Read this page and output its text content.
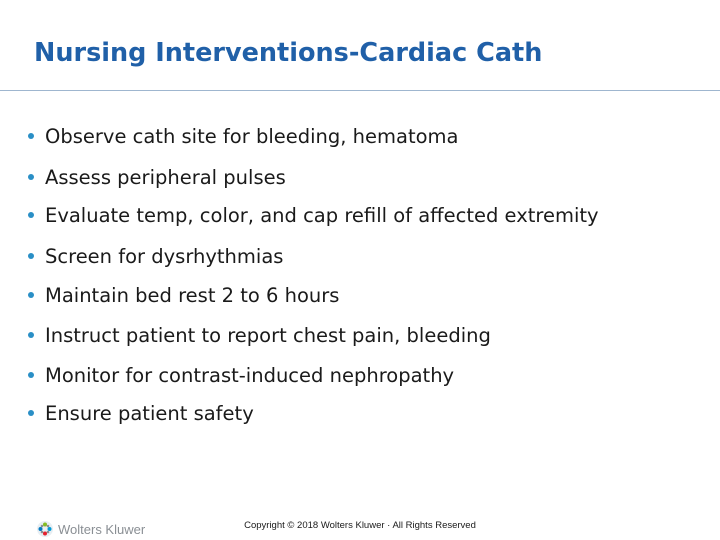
Nursing Interventions-Cardiac Cath
Observe cath site for bleeding, hematoma
Assess peripheral pulses
Evaluate temp, color, and cap refill of affected extremity
Screen for dysrhythmias
Maintain bed rest 2 to 6 hours
Instruct patient to report chest pain, bleeding
Monitor for contrast-induced nephropathy
Ensure patient safety
Wolters Kluwer	Copyright © 2018 Wolters Kluwer · All Rights Reserved
